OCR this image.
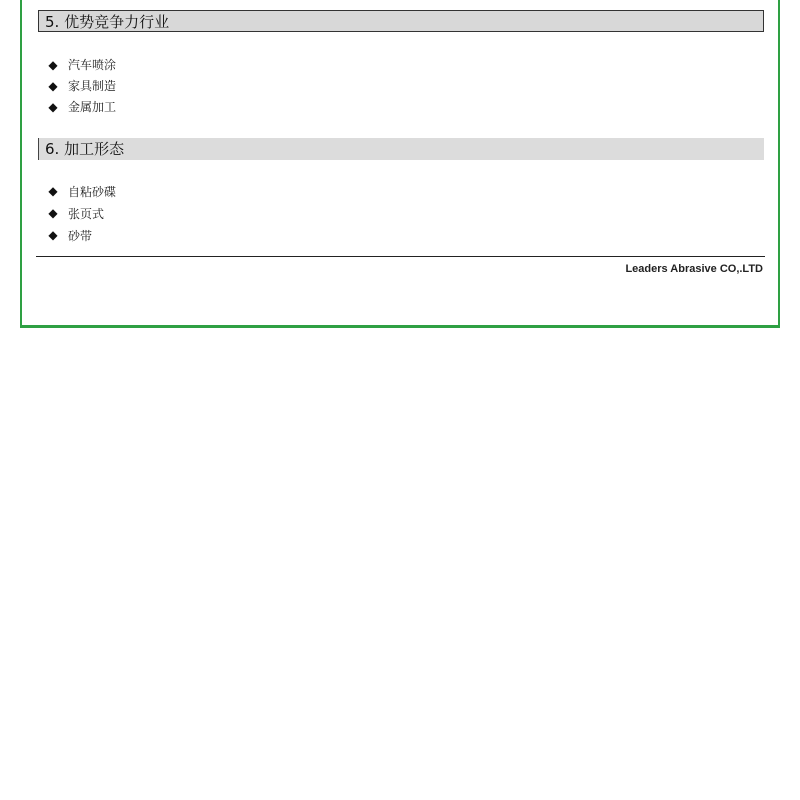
5. 优势竞争力行业
◆ 汽车喷涂
◆ 家具制造
◆ 金属加工
6. 加工形态
◆ 自粘砂碟
◆ 张页式
◆ 砂带
Leaders Abrasive CO,.LTD
